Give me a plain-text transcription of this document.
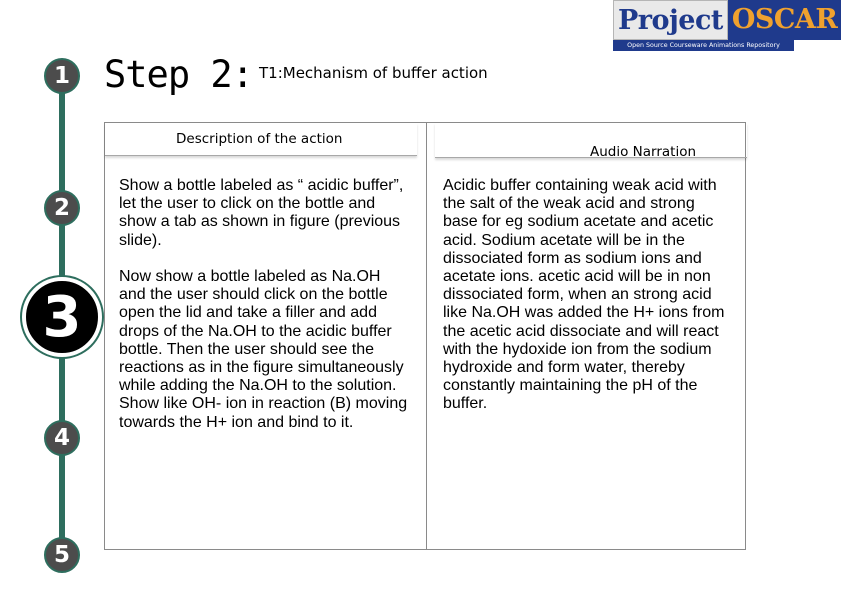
1
2
3
4
5
Step 2: T1:Mechanism of buffer action
Project OSCAR
Open Source Courseware Animations Repository

Show a bottle labeled as “ acidic buffer”, let the user to click on the bottle and show a tab as shown in figure (previous slide).

Now show a bottle labeled as Na.OH and the user should click on the bottle open the lid and take a filler and add drops of the Na.OH to the acidic buffer bottle. Then the user should see the reactions as in the figure simultaneously while adding the Na.OH to the solution. Show like OH- ion in reaction (B) moving towards the H+ ion and bind to it.

Acidic buffer containing weak acid with the salt of the weak acid and strong base for eg sodium acetate and acetic acid. Sodium acetate will be in the dissociated form as sodium ions and acetate ions. acetic acid will be in non dissociated form, when an strong acid like Na.OH was added the H+ ions from the acetic acid dissociate and will react with the hydoxide ion from the sodium hydroxide and form water, thereby constantly maintaining the pH of the buffer.

Description of the action
Audio Narration
